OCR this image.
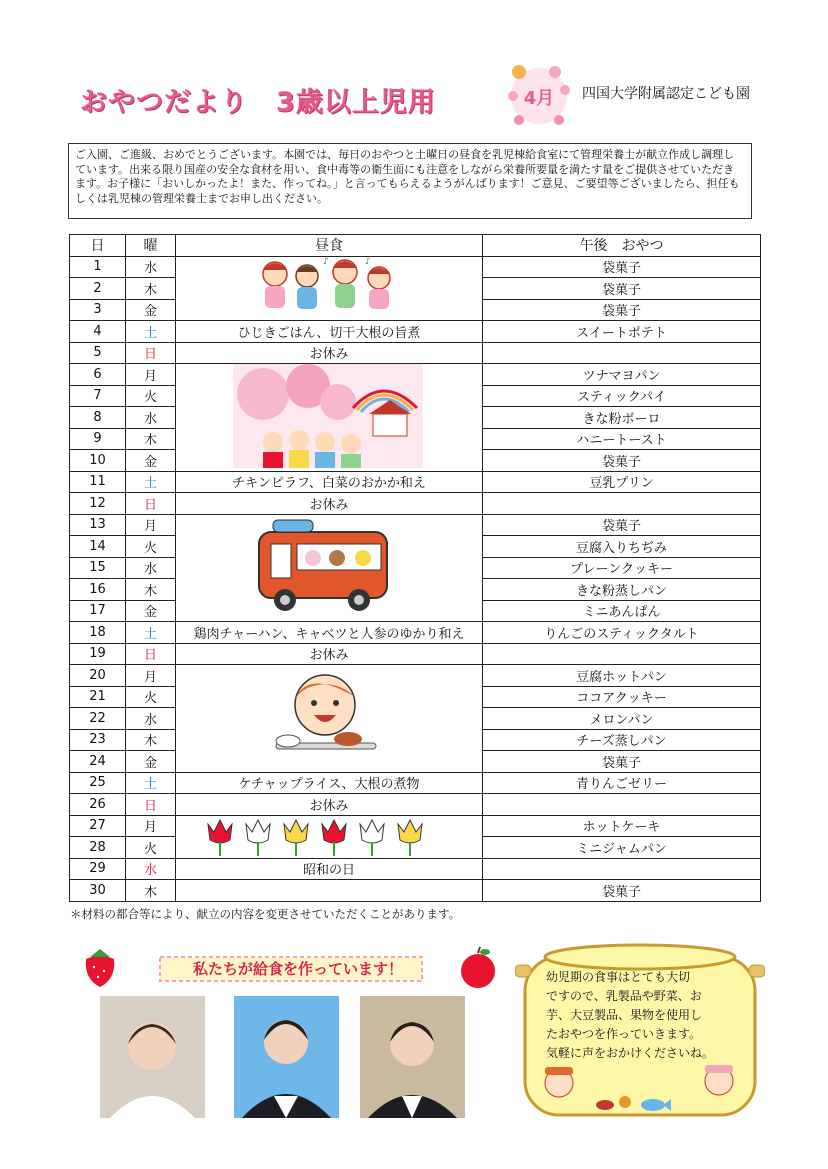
おやつだより　3歳以上児用	4月 四国大学附属認定こども園
ご入園、ご進級、おめでとうございます。本園では、毎日のおやつと土曜日の昼食を乳児棟給食室にて管理栄養士が献立作成し調理しています。出来る限り国産の安全な食材を用い、食中毒等の衛生面にも注意をしながら栄養所要量を満たす量をご提供させていただきます。お子様に「おいしかったよ！また、作ってね。」と言ってもらえるようがんばります！ご意見、ご要望等ございましたら、担任もしくは乳児棟の管理栄養士までお申し出ください。
日	曜	昼食	午後　おやつ
1	水		袋菓子
2	木		袋菓子
3	金		袋菓子
4	土	ひじきごはん、切干大根の旨煮	スイートポテト
5	日	お休み	
6	月		ツナマヨパン
7	火		スティックパイ
8	水		きな粉ボーロ
9	木		ハニートースト
10	金		袋菓子
11	土	チキンピラフ、白菜のおかか和え	豆乳プリン
12	日	お休み	
13	月		袋菓子
14	火		豆腐入りちぢみ
15	水		プレーンクッキー
16	木		きな粉蒸しパン
17	金		ミニあんぱん
18	土	鶏肉チャーハン、キャベツと人参のゆかり和え	りんごのスティックタルト
19	日	お休み	
20	月		豆腐ホットパン
21	火		ココアクッキー
22	水		メロンパン
23	木		チーズ蒸しパン
24	金		袋菓子
25	土	ケチャップライス、大根の煮物	青りんごゼリー
26	日	お休み	
27	月		ホットケーキ
28	火		ミニジャムパン
29	水	昭和の日	
30	木		袋菓子
♪	♪
＊材料の都合等により、献立の内容を変更させていただくことがあります。
私たちが給食を作っています！	幼児期の食事はとても大切
ですので、乳製品や野菜、お
芋、大豆製品、果物を使用し
たおやつを作っていきます。
気軽に声をおかけくださいね。
